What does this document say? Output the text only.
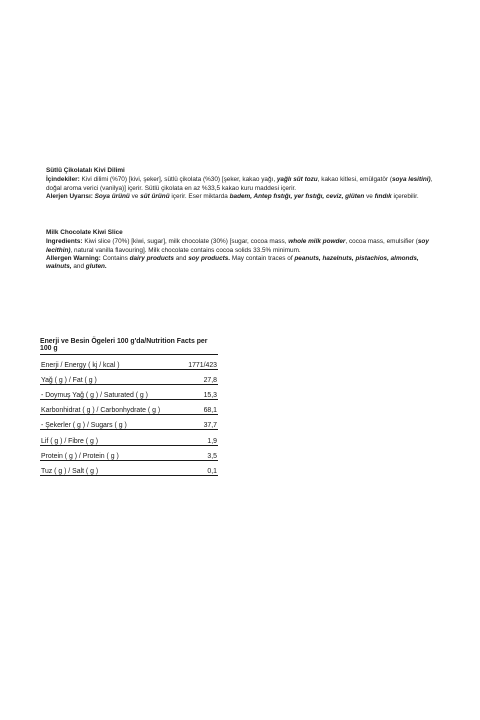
Sütlü Çikolatalı Kivi Dilimi

İçindekiler: Kivi dilimi (%70) [kivi, şeker], sütlü çikolata (%30) [şeker, kakao yağı, yağlı süt tozu, kakao kitlesi, emülgatör (soya lesitini), doğal aroma verici (vanilya)] içerir. Sütlü çikolata en az %33,5 kakao kuru maddesi içerir.

Alerjen Uyarısı: Soya ürünü ve süt ürünü içerir. Eser miktarda badem, Antep fıstığı, yer fıstığı, ceviz, glüten ve fındık içerebilir.

Milk Chocolate Kiwi Slice

Ingredients: Kiwi slice (70%) [kiwi, sugar], milk chocolate (30%) [sugar, cocoa mass, whole milk powder, cocoa mass, emulsifier (soy lecithin), natural vanilla flavouring]. Milk chocolate contains cocoa solids 33.5% minimum.

Allergen Warning: Contains dairy products and soy products. May contain traces of peanuts, hazelnuts, pistachios, almonds, walnuts, and gluten.

Enerji ve Besin Ögeleri 100 g'da/Nutrition Facts per 100 g
Enerji / Energy ( kj / kcal )	1771/423
Yağ ( g ) / Fat ( g )	27,8
- Doymuş Yağ ( g ) / Saturated ( g )	15,3
Karbonhidrat ( g ) / Carbonhydrate ( g )	68,1
- Şekerler ( g ) / Sugars ( g )	37,7
Lif ( g ) / Fibre ( g )	1,9
Protein ( g ) / Protein ( g )	3,5
Tuz ( g ) / Salt ( g )	0,1
